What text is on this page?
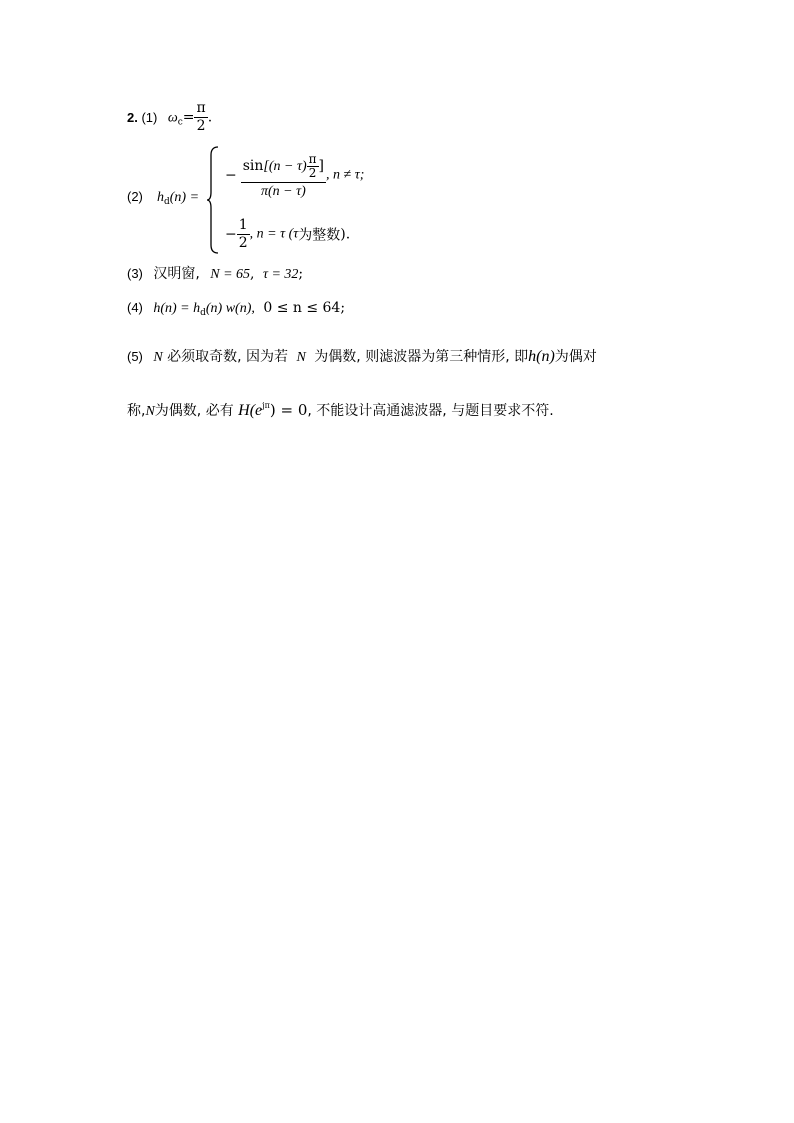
2. (1) $\omega_c= \frac{\pi}{2}$ .
(2) $h_d(n)$ =
− $\frac{\sin[(n - \tau) \frac{\pi}{2} ]}{\pi(n - \tau)}$ , n ≠ τ;
− $\frac{1}{2}$ , n = τ (τ为整数).
(3) 汉明窗, N = 65, τ = 32;
(4) $h(n) = h_d(n)$ w(n), 0 ≤ n ≤ 64;
(5) N 必须取奇数, 因为若 N 为偶数, 则滤波器为第三种情形, 即h(n)为偶对
称,N为偶数, 必有 $H(e^{j\pi}) = 0$, 不能设计高通滤波器, 与题目要求不符.
